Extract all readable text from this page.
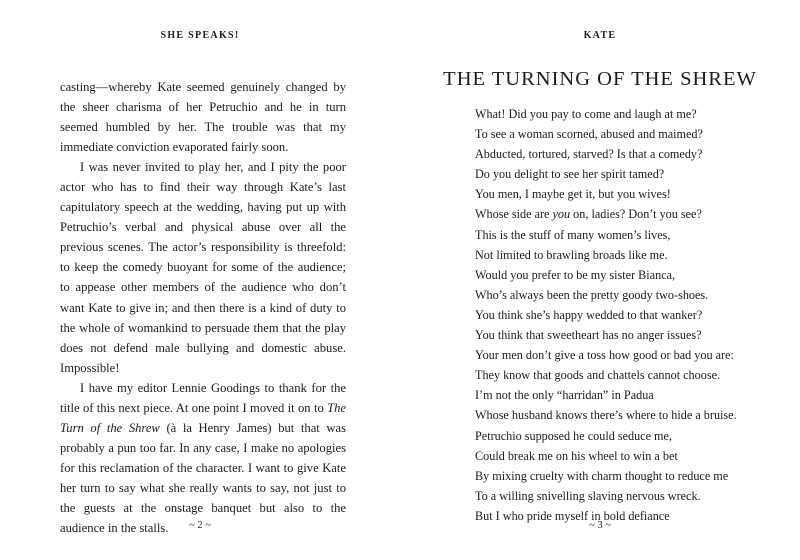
SHE SPEAKS!

casting—whereby Kate seemed genuinely changed by the sheer charisma of her Petruchio and he in turn seemed humbled by her. The trouble was that my immediate conviction evaporated fairly soon.

I was never invited to play her, and I pity the poor actor who has to find their way through Kate’s last capitulatory speech at the wedding, having put up with Petruchio’s verbal and physical abuse over all the previous scenes. The actor’s responsibility is threefold: to keep the comedy buoyant for some of the audience; to appease other members of the audience who don’t want Kate to give in; and then there is a kind of duty to the whole of womankind to persuade them that the play does not defend male bullying and domestic abuse. Impossible!

I have my editor Lennie Goodings to thank for the title of this next piece. At one point I moved it on to The Turn of the Shrew (à la Henry James) but that was probably a pun too far. In any case, I make no apologies for this reclamation of the character. I want to give Kate her turn to say what she really wants to say, not just to the guests at the onstage banquet but also to the audience in the stalls.	~ 2 ~
KATE
THE TURNING OF THE SHREW
What! Did you pay to come and laugh at me?
To see a woman scorned, abused and maimed?
Abducted, tortured, starved? Is that a comedy?
Do you delight to see her spirit tamed?
You men, I maybe get it, but you wives!
Whose side are you on, ladies? Don’t you see?
This is the stuff of many women’s lives,
Not limited to brawling broads like me.
Would you prefer to be my sister Bianca,
Who’s always been the pretty goody two-shoes.
You think she’s happy wedded to that wanker?
You think that sweetheart has no anger issues?
Your men don’t give a toss how good or bad you are:
They know that goods and chattels cannot choose.
I’m not the only “harridan” in Padua
Whose husband knows there’s where to hide a bruise.
Petruchio supposed he could seduce me,
Could break me on his wheel to win a bet
By mixing cruelty with charm thought to reduce me
To a willing snivelling slaving nervous wreck.
But I who pride myself in bold defiance
~ 3 ~
